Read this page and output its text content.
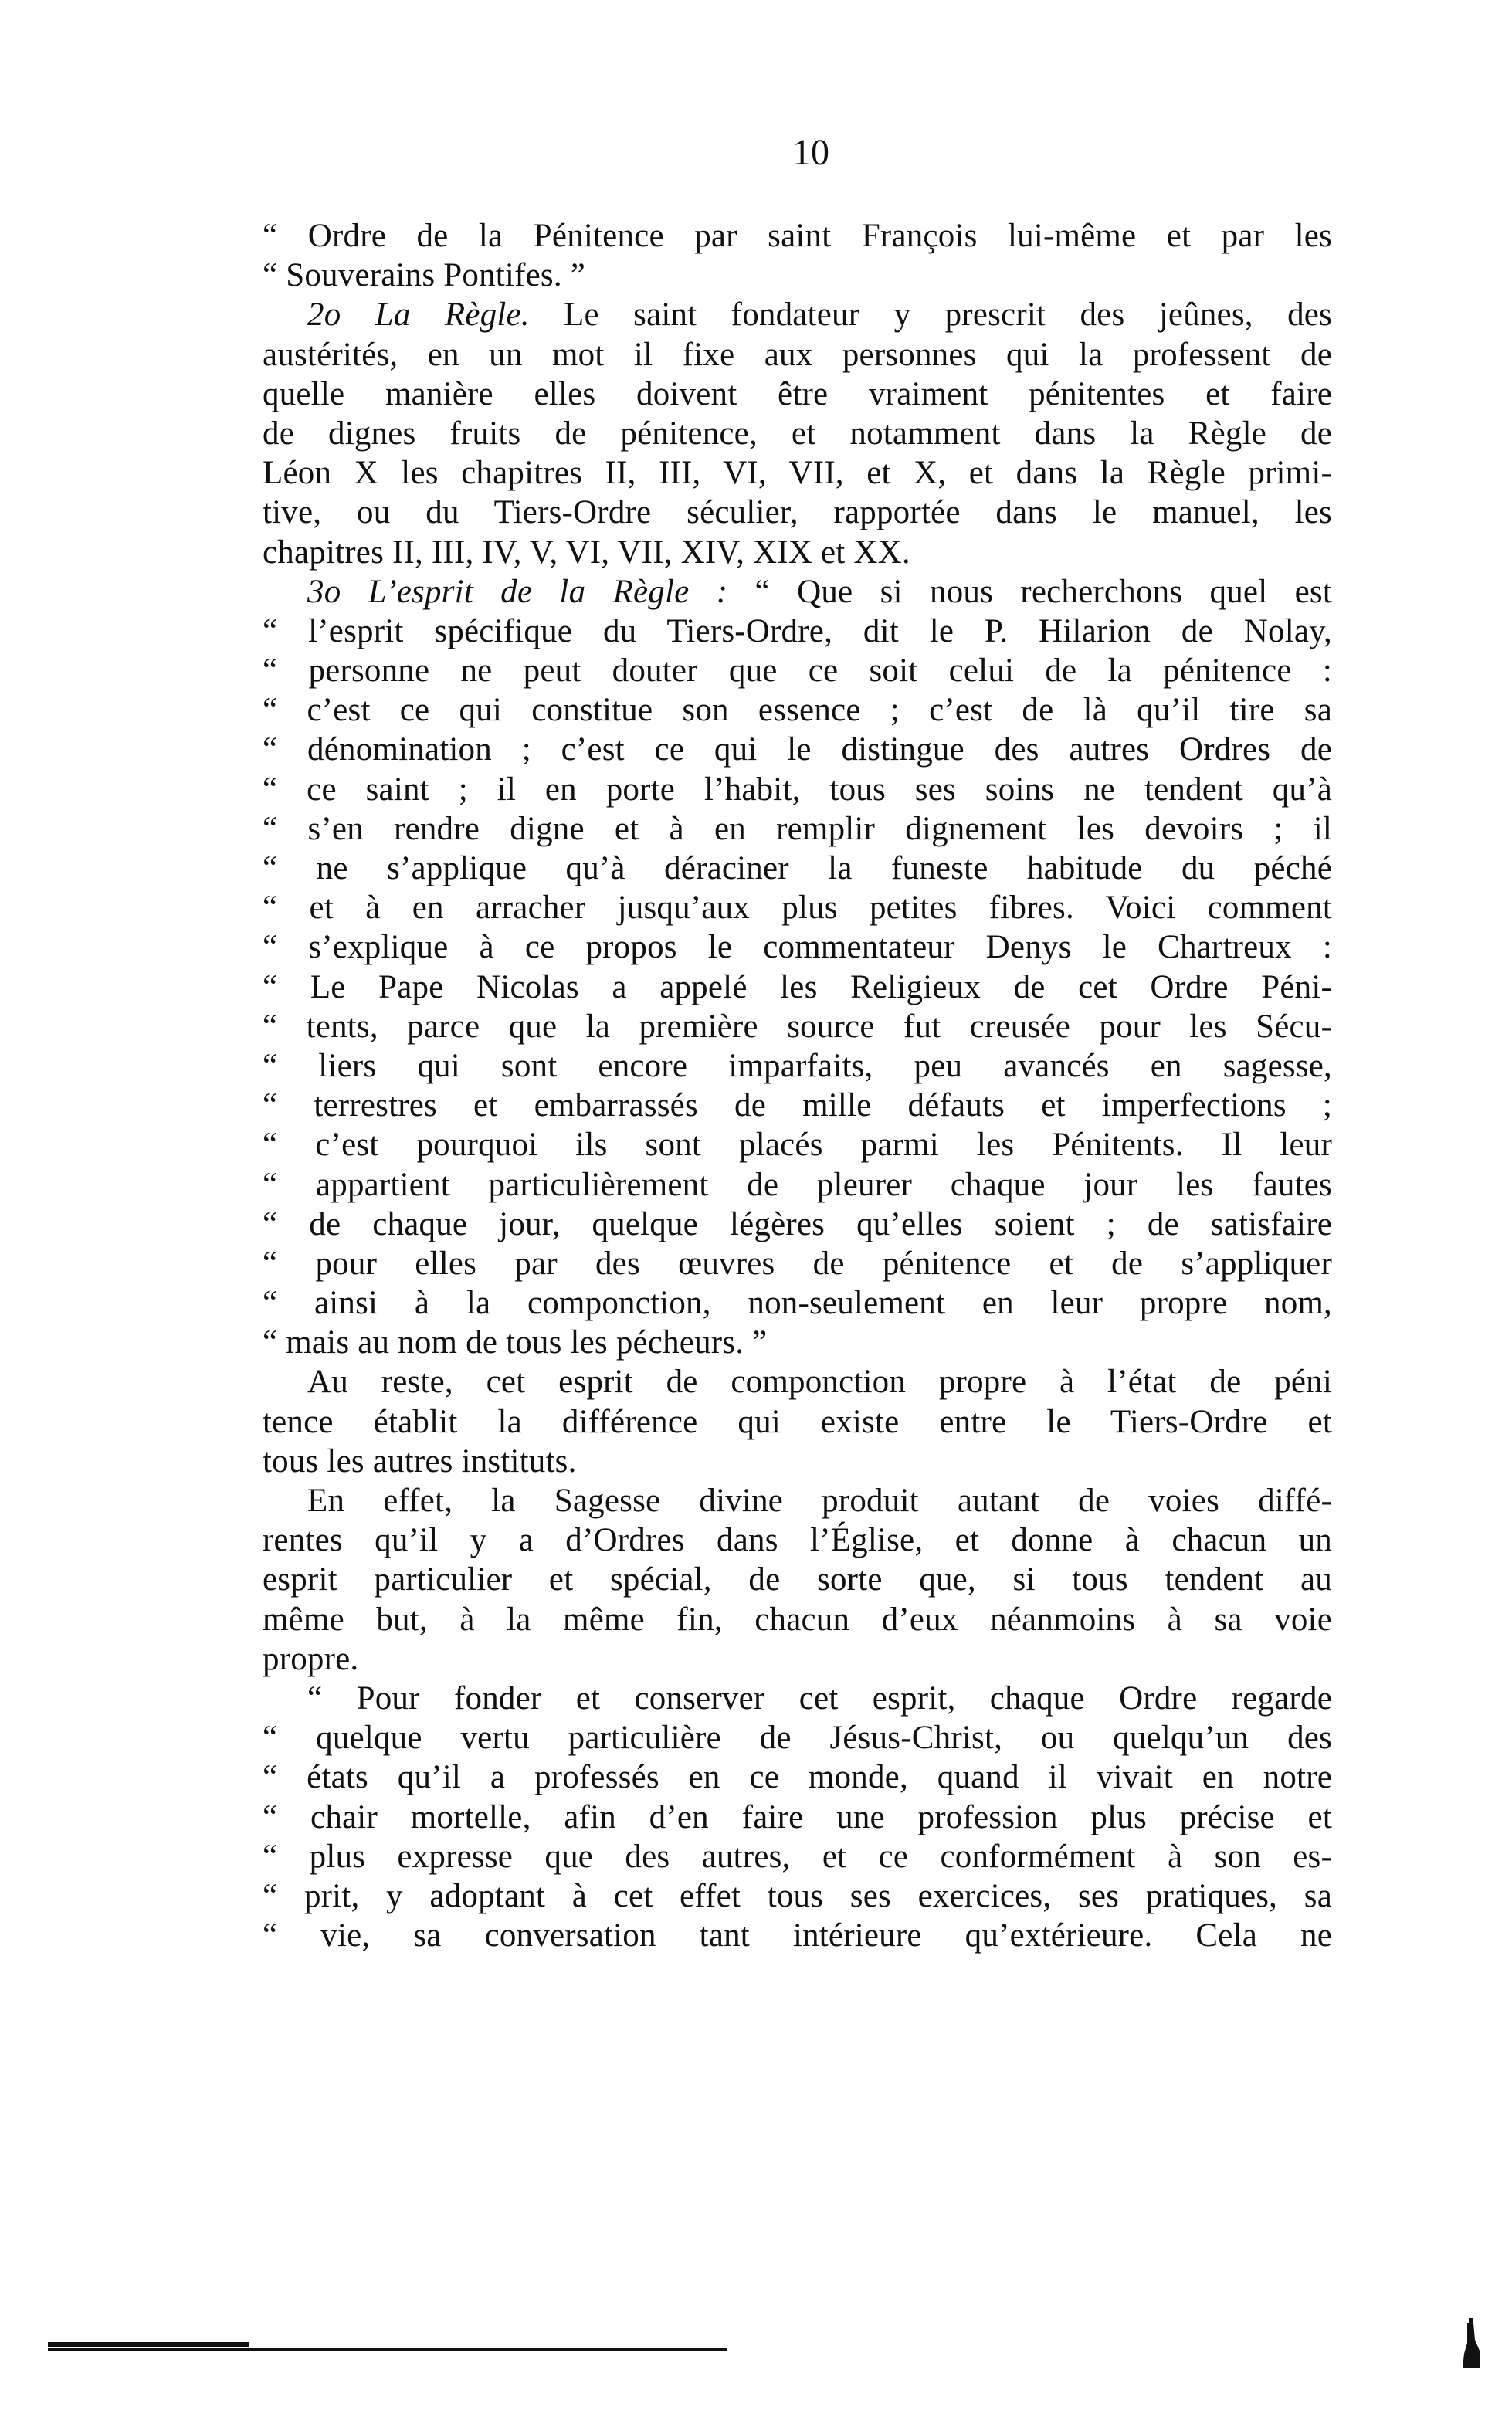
10
“ Ordre de la Pénitence par saint François lui-même et par les
“ Souverains Pontifes. ”
2o La Règle. Le saint fondateur y prescrit des jeûnes, des
austérités, en un mot il fixe aux personnes qui la professent de
quelle manière elles doivent être vraiment pénitentes et faire
de dignes fruits de pénitence, et notamment dans la Règle de
Léon X les chapitres II, III, VI, VII, et X, et dans la Règle primi-
tive, ou du Tiers-Ordre séculier, rapportée dans le manuel, les
chapitres II, III, IV, V, VI, VII, XIV, XIX et XX.
3o L’esprit de la Règle : “ Que si nous recherchons quel est
“ l’esprit spécifique du Tiers-Ordre, dit le P. Hilarion de Nolay,
“ personne ne peut douter que ce soit celui de la pénitence :
“ c’est ce qui constitue son essence ; c’est de là qu’il tire sa
“ dénomination ; c’est ce qui le distingue des autres Ordres de
“ ce saint ; il en porte l’habit, tous ses soins ne tendent qu’à
“ s’en rendre digne et à en remplir dignement les devoirs ; il
“ ne s’applique qu’à déraciner la funeste habitude du péché
“ et à en arracher jusqu’aux plus petites fibres. Voici comment
“ s’explique à ce propos le commentateur Denys le Chartreux :
“ Le Pape Nicolas a appelé les Religieux de cet Ordre Péni-
“ tents, parce que la première source fut creusée pour les Sécu-
“ liers qui sont encore imparfaits, peu avancés en sagesse,
“ terrestres et embarrassés de mille défauts et imperfections ;
“ c’est pourquoi ils sont placés parmi les Pénitents. Il leur
“ appartient particulièrement de pleurer chaque jour les fautes
“ de chaque jour, quelque légères qu’elles soient ; de satisfaire
“ pour elles par des œuvres de pénitence et de s’appliquer
“ ainsi à la componction, non-seulement en leur propre nom,
“ mais au nom de tous les pécheurs. ”
Au reste, cet esprit de componction propre à l’état de péni
tence établit la différence qui existe entre le Tiers-Ordre et
tous les autres instituts.
En effet, la Sagesse divine produit autant de voies diffé-
rentes qu’il y a d’Ordres dans l’Église, et donne à chacun un
esprit particulier et spécial, de sorte que, si tous tendent au
même but, à la même fin, chacun d’eux néanmoins à sa voie
propre.
“ Pour fonder et conserver cet esprit, chaque Ordre regarde
“ quelque vertu particulière de Jésus-Christ, ou quelqu’un des
“ états qu’il a professés en ce monde, quand il vivait en notre
“ chair mortelle, afin d’en faire une profession plus précise et
“ plus expresse que des autres, et ce conformément à son es-
“ prit, y adoptant à cet effet tous ses exercices, ses pratiques, sa
“ vie, sa conversation tant intérieure qu’extérieure. Cela ne
